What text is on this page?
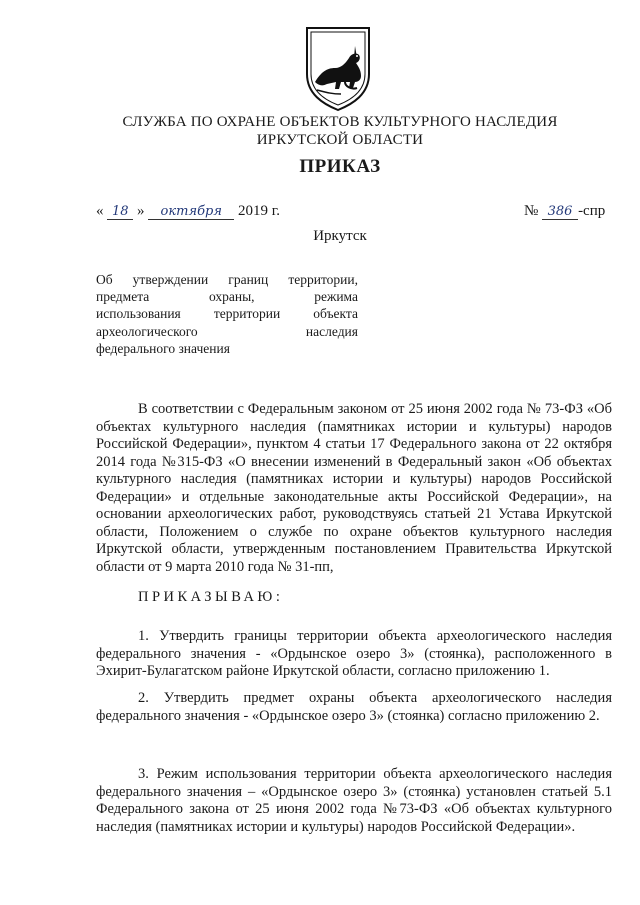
СЛУЖБА ПО ОХРАНЕ ОБЪЕКТОВ КУЛЬТУРНОГО НАСЛЕДИЯ
ИРКУТСКОЙ ОБЛАСТИ
ПРИКАЗ
« 18 » октября 2019 г.	№ 386 -спр
Иркутск
Об утверждении границ территории,
предмета охраны, режима
использования территории объекта
археологического наследия
федерального значения
В соответствии с Федеральным законом от 25 июня 2002 года № 73-ФЗ «Об объектах культурного наследия (памятниках истории и культуры) народов Российской Федерации», пунктом 4 статьи 17 Федерального закона от 22 октября 2014 года №315-ФЗ «О внесении изменений в Федеральный закон «Об объектах культурного наследия (памятниках истории и культуры) народов Российской Федерации» и отдельные законодательные акты Российской Федерации», на основании археологических работ, руководствуясь статьей 21 Устава Иркутской области, Положением о службе по охране объектов культурного наследия Иркутской области, утвержденным постановлением Правительства Иркутской области от 9 марта 2010 года № 31-пп,
ПРИКАЗЫВАЮ:
1. Утвердить границы территории объекта археологического наследия федерального значения - «Ордынское озеро 3» (стоянка), расположенного в Эхирит-Булагатском районе Иркутской области, согласно приложению 1.
2. Утвердить предмет охраны объекта археологического наследия федерального значения - «Ордынское озеро 3» (стоянка) согласно приложению 2.
3. Режим использования территории объекта археологического наследия федерального значения – «Ордынское озеро 3» (стоянка) установлен статьей 5.1 Федерального закона от 25 июня 2002 года №73-ФЗ «Об объектах культурного наследия (памятниках истории и культуры) народов Российской Федерации».
